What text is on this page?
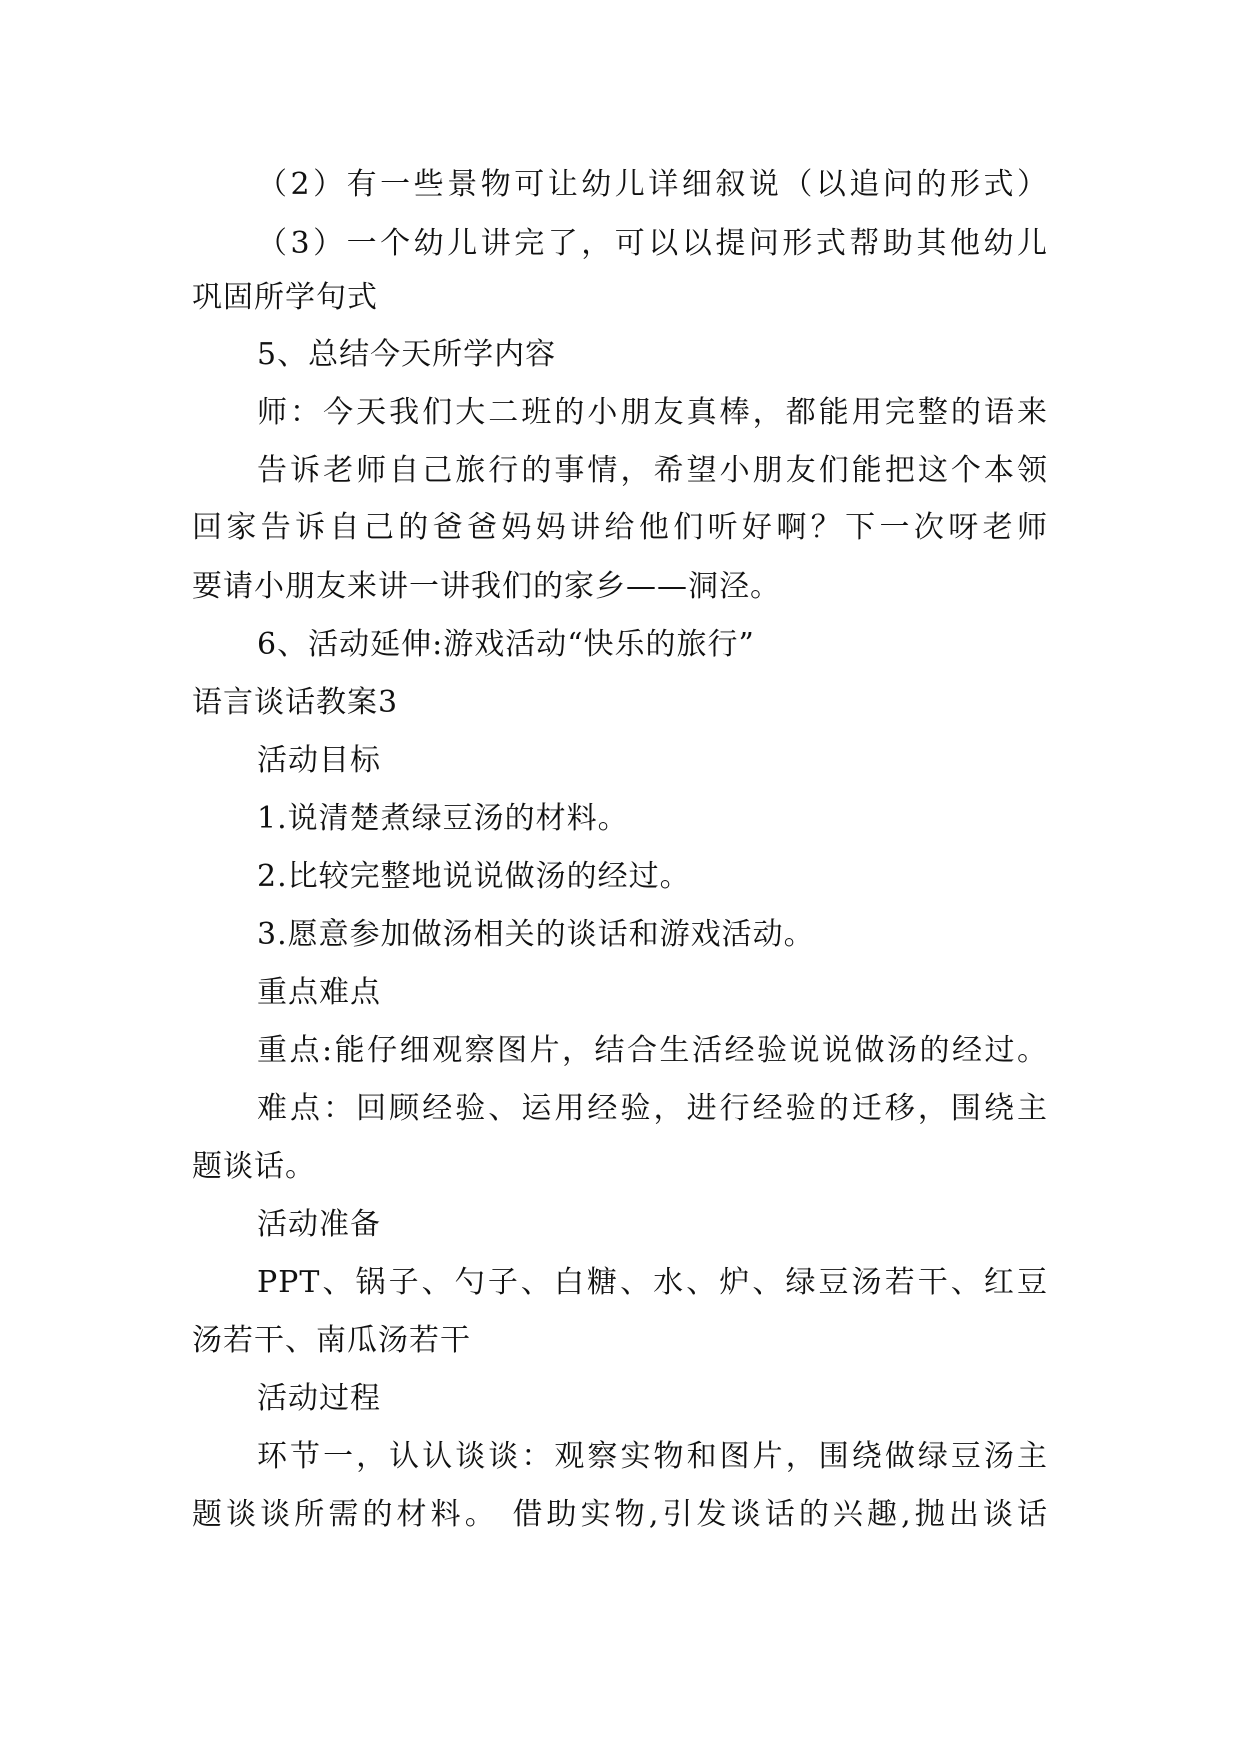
（2）有一些景物可让幼儿详细叙说（以追问的形式）
（3）一个幼儿讲完了，可以以提问形式帮助其他幼儿
巩固所学句式
5、总结今天所学内容
师：今天我们大二班的小朋友真棒，都能用完整的语来
告诉老师自己旅行的事情，希望小朋友们能把这个本领
回家告诉自己的爸爸妈妈讲给他们听好啊？下一次呀老师
要请小朋友来讲一讲我们的家乡——洞泾。
6、活动延伸:游戏活动“快乐的旅行”
语言谈话教案3
活动目标
1.说清楚煮绿豆汤的材料。
2.比较完整地说说做汤的经过。
3.愿意参加做汤相关的谈话和游戏活动。
重点难点
重点:能仔细观察图片，结合生活经验说说做汤的经过。
难点：回顾经验、运用经验，进行经验的迁移，围绕主
题谈话。
活动准备
PPT、锅子、勺子、白糖、水、炉、绿豆汤若干、红豆
汤若干、南瓜汤若干
活动过程
环节一，认认谈谈：观察实物和图片，围绕做绿豆汤主
题谈谈所需的材料。 借助实物,引发谈话的兴趣,抛出谈话
